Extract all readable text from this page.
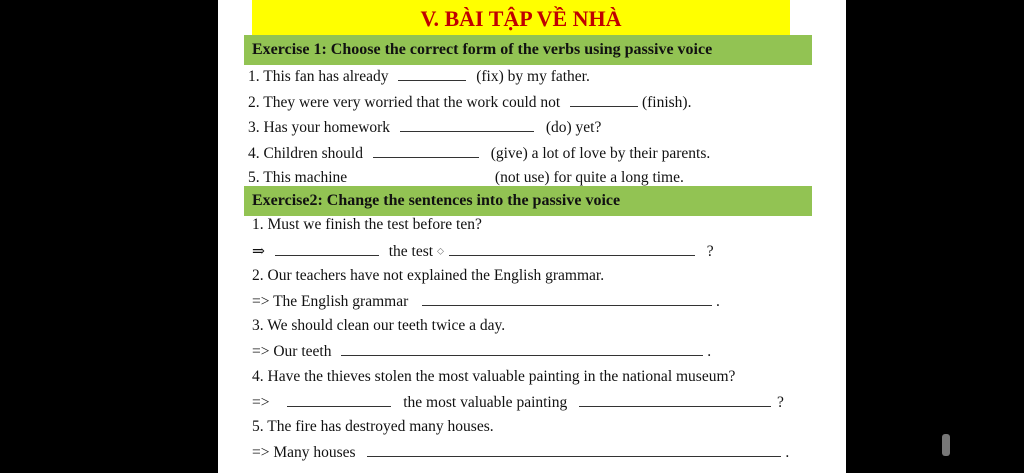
V. BÀI TẬP VỀ NHÀ
Exercise 1: Choose the correct form of the verbs using passive voice
1. This fan has already	(fix) by my father.
2. They were very worried that the work could not	(finish).
3. Has your homework	(do) yet?
4. Children should	(give) a lot of love by their parents.
5. This machine	(not use) for quite a long time.
Exercise2: Change the sentences into the passive voice
1. Must we finish the test before ten?
⇒	the test ⬦	?
2. Our teachers have not explained the English grammar.
=> The English grammar	.
3. We should clean our teeth twice a day.
=> Our teeth	.
4. Have the thieves stolen the most valuable painting in the national museum?
=>	the most valuable painting	?
5. The fire has destroyed many houses.
=> Many houses	.
